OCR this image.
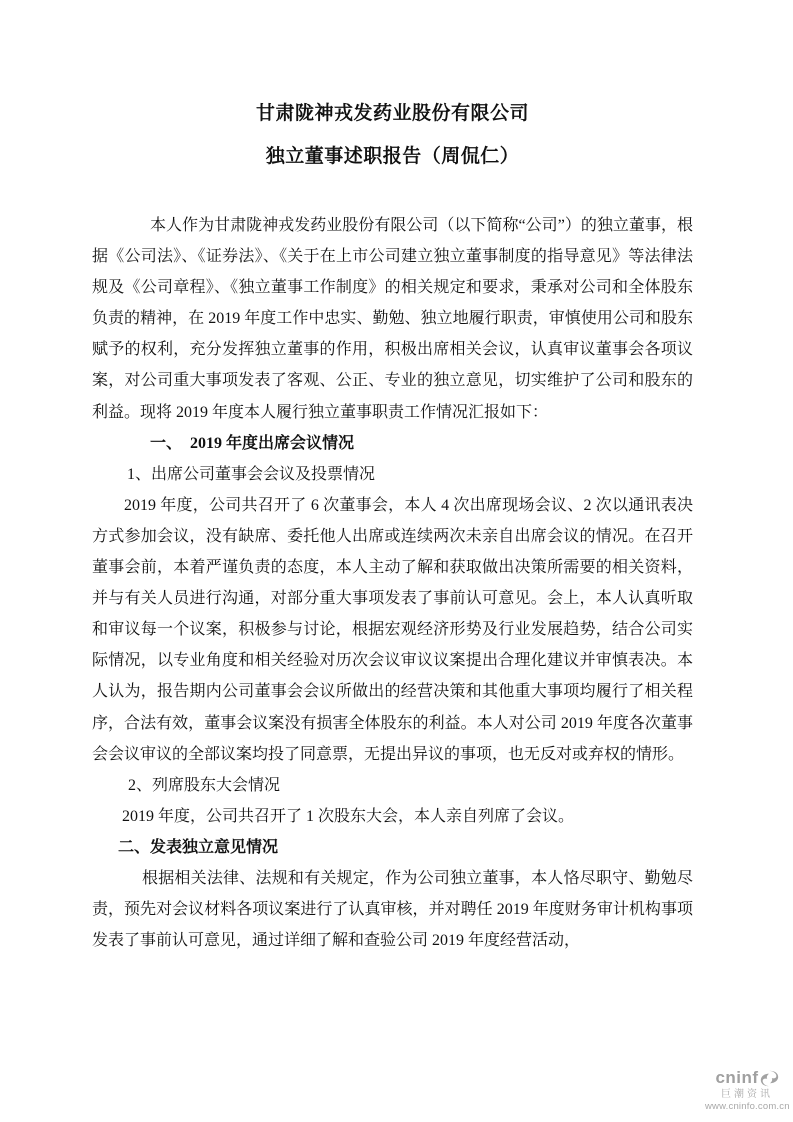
甘肃陇神戎发药业股份有限公司
独立董事述职报告（周侃仁）

本人作为甘肃陇神戎发药业股份有限公司（以下简称“公司”）的独立董事，根据《公司法》、《证券法》、《关于在上市公司建立独立董事制度的指导意见》等法律法规及《公司章程》、《独立董事工作制度》的相关规定和要求，秉承对公司和全体股东负责的精神，在 2019 年度工作中忠实、勤勉、独立地履行职责，审慎使用公司和股东赋予的权利，充分发挥独立董事的作用，积极出席相关会议，认真审议董事会各项议案，对公司重大事项发表了客观、公正、专业的独立意见，切实维护了公司和股东的利益。现将 2019 年度本人履行独立董事职责工作情况汇报如下：

一、　2019 年度出席会议情况

1、出席公司董事会会议及投票情况

2019 年度，公司共召开了 6 次董事会，本人 4 次出席现场会议、2 次以通讯表决方式参加会议，没有缺席、委托他人出席或连续两次未亲自出席会议的情况。在召开董事会前，本着严谨负责的态度，本人主动了解和获取做出决策所需要的相关资料，并与有关人员进行沟通，对部分重大事项发表了事前认可意见。会上，本人认真听取和审议每一个议案，积极参与讨论，根据宏观经济形势及行业发展趋势，结合公司实际情况，以专业角度和相关经验对历次会议审议议案提出合理化建议并审慎表决。本人认为，报告期内公司董事会会议所做出的经营决策和其他重大事项均履行了相关程序，合法有效，董事会议案没有损害全体股东的利益。本人对公司 2019 年度各次董事会会议审议的全部议案均投了同意票，无提出异议的事项，也无反对或弃权的情形。

2、列席股东大会情况

2019 年度，公司共召开了 1 次股东大会，本人亲自列席了会议。

二、发表独立意见情况

根据相关法律、法规和有关规定，作为公司独立董事，本人恪尽职守、勤勉尽责，预先对会议材料各项议案进行了认真审核，并对聘任 2019 年度财务审计机构事项发表了事前认可意见，通过详细了解和查验公司 2019 年度经营活动，

cninf
巨潮资讯
www.cninfo.com.cn
